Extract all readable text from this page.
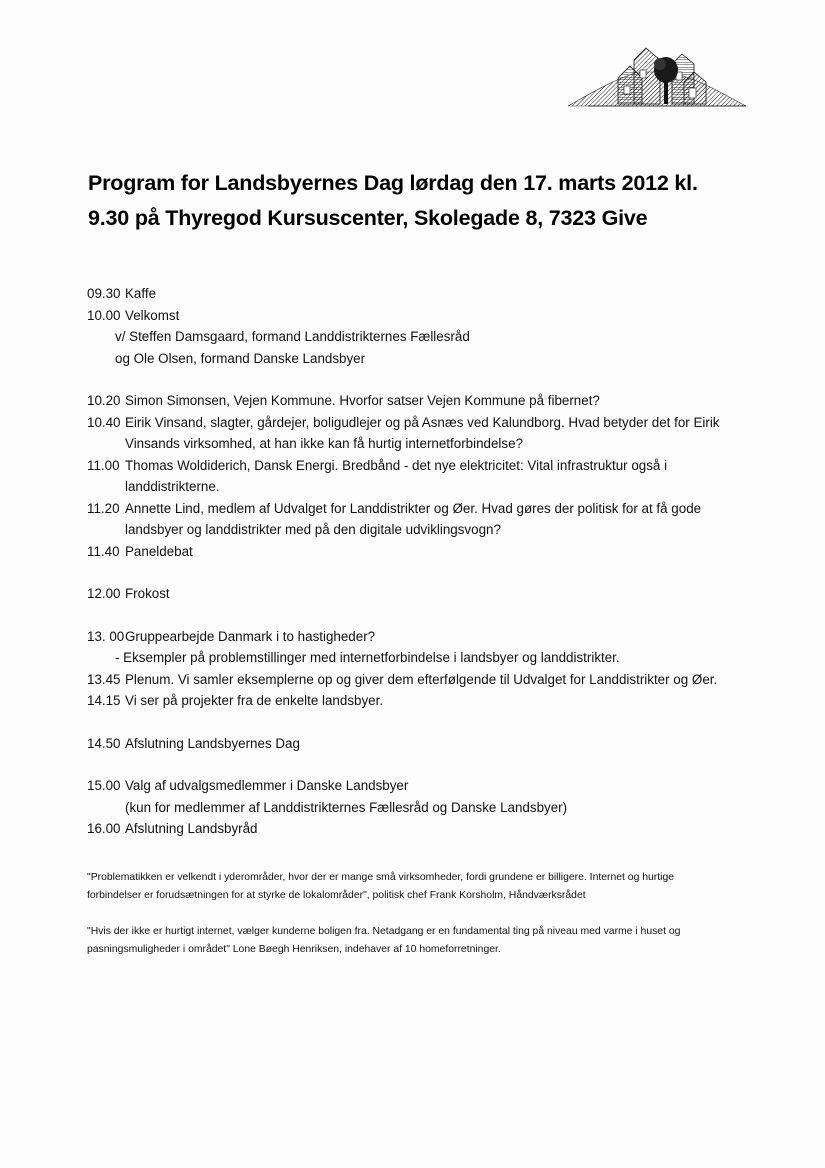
Program for Landsbyernes Dag lørdag den 17. marts 2012 kl.
9.30 på Thyregod Kursuscenter, Skolegade 8, 7323 Give
09.30 Kaffe
10.00 Velkomst
v/ Steffen Damsgaard, formand Landdistrikternes Fællesråd
og Ole Olsen, formand Danske Landsbyer
10.20 Simon Simonsen, Vejen Kommune. Hvorfor satser Vejen Kommune på fibernet?
10.40 Eirik Vinsand, slagter, gårdejer, boligudlejer og på Asnæs ved Kalundborg. Hvad betyder det for Eirik
Vinsands virksomhed, at han ikke kan få hurtig internetforbindelse?
11.00 Thomas Woldiderich, Dansk Energi. Bredbånd - det nye elektricitet: Vital infrastruktur også i
landdistrikterne.
11.20 Annette Lind, medlem af Udvalget for Landdistrikter og Øer. Hvad gøres der politisk for at få gode
landsbyer og landdistrikter med på den digitale udviklingsvogn?
11.40 Paneldebat
12.00 Frokost
13. 00 Gruppearbejde Danmark i to hastigheder?
- Eksempler på problemstillinger med internetforbindelse i landsbyer og landdistrikter.
13.45 Plenum. Vi samler eksemplerne op og giver dem efterfølgende til Udvalget for Landdistrikter og Øer.
14.15 Vi ser på projekter fra de enkelte landsbyer.
14.50 Afslutning Landsbyernes Dag
15.00 Valg af udvalgsmedlemmer i Danske Landsbyer
(kun for medlemmer af Landdistrikternes Fællesråd og Danske Landsbyer)
16.00 Afslutning Landsbyråd
"Problematikken er velkendt i yderområder, hvor der er mange små virksomheder, fordi grundene er billigere. Internet og hurtige
forbindelser er forudsætningen for at styrke de lokalområder", politisk chef Frank Korsholm, Håndværksrådet
"Hvis der ikke er hurtigt internet, vælger kunderne boligen fra. Netadgang er en fundamental ting på niveau med varme i huset og
pasningsmuligheder i området" Lone Bøegh Henriksen, indehaver af 10 homeforretninger.
